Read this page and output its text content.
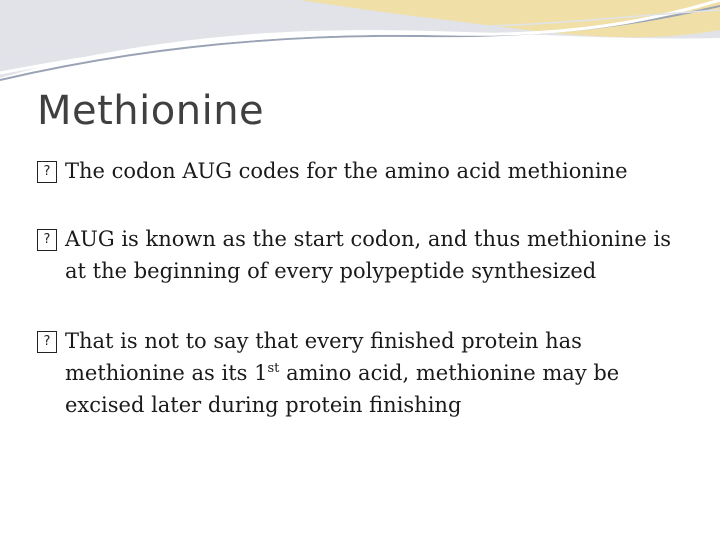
Methionine
? The codon AUG codes for the amino acid methionine
? AUG is known as the start codon, and thus methionine is at the beginning of every polypeptide synthesized
? That is not to say that every finished protein has methionine as its 1st amino acid, methionine may be excised later during protein finishing
